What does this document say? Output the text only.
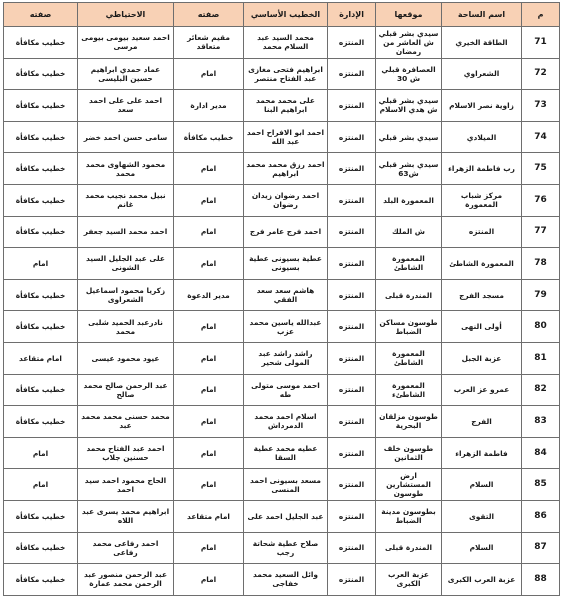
م	اسم الساحة	موقعها	الإدارة	الخطيب الأساسي	صفته	الاحتياطي	صفته
71	الطاقة الخيري	سيدي بشر قبلي ش العاشر من رمضان	المنتزه	محمد السيد عبد السلام محمد	مقيم شعائر متعاقد	احمد سعيد بيومى بيومى مرسى	خطيب مكافأة
72	الشعراوي	العصافرة قبلي ش 30	المنتزه	ابراهيم فتحى مغازى عبد الفتاح منتصر	امام	عماد حمدي ابراهيم حسين البليسى	خطيب مكافأة
73	زاوية نصر الاسلام	سيدي بشر قبلي ش هدي الاسلام	المنتزه	على محمد محمد ابراهيم البنا	مدير ادارة	احمد على على احمد سعد	خطيب مكافأة
74	الميلادي	سيدي بشر قبلي	المنتزه	احمد ابو الافراح احمد عبد الله	خطيب مكافأة	سامى حسن احمد خضر	خطيب مكافأة
75	رب فاطمة الزهراء	سيدي بشر قبلي ش63	المنتزه	احمد رزق محمد محمد ابراهيم	امام	محمود الشهاوى محمد محمد	خطيب مكافأة
76	مركز شباب المعمورة	المعمورة البلد	المنتزه	احمد رضوان زيدان رضوان	امام	نبيل محمد نجيب محمد غانم	خطيب مكافأة
77	المنتزه	ش الملك	المنتزه	احمد فرج عامر فرج	امام	احمد محمد السيد جعفر	خطيب مكافأة
78	المعمورة الشاطئ	المعمورة الشاطئ	المنتزه	عطية بسيونى عطية بسيونى	امام	على عبد الجليل السيد الشونى	امام
79	مسجد الفرج	المندرة قبلى	المنتزه	هاشم سعد سعد الفقي	مدير الدعوة	زكريا محمود اسماعيل الشعراوى	خطيب مكافأة
80	أولى النهى	طوسون مساكن الضباط	المنتزه	عبدالله ياسين محمد عزب	امام	نادرعبد الحميد شلبى محمد	خطيب مكافأة
81	عزبة الجبل	المعمورة الشاطئ	المنتزه	راشد راشد عبد المولى شحير	امام	عيود محمود عيسى	امام متقاعد
82	عمرو عز العرب	المعمورة الشاطئء	المنتزه	احمد موسى متولى طه	امام	عبد الرحمن صالح محمد صالح	خطيب مكافأة
83	الفرج	طوسون مزلقان البحرية	المنتزه	اسلام احمد محمد الدمرداش	امام	محمد حسنى محمد محمد عبد	خطيب مكافأة
84	فاطمة الزهراء	طوسون خلف الثمانين	المنتزه	عطيه محمد عطية السقا	امام	احمد عبد الفتاح محمد حسنين جلاب	امام
85	السلام	ارض المستشارين طوسون	المنتزه	مسعد بسيونى احمد المنسى	امام	الحاج محمود احمد سيد احمد	امام
86	التقوى	بطوسون مدينة الضباط	المنتزه	عبد الجليل احمد على	امام متقاعد	ابراهيم محمد يسرى عبد اللاه	خطيب مكافأة
87	السلام	المندرة قبلى	المنتزه	صلاح عطية شحاتة رجب	امام	احمد رفاعى محمد رفاعى	خطيب مكافأة
88	عزبة العرب الكبرى	عزبة العرب الكبرى	المنتزه	وائل السعيد محمد خفاجى	امام	عبد الرحمن منصور عبد الرحمن محمد عمارة	خطيب مكافأة
